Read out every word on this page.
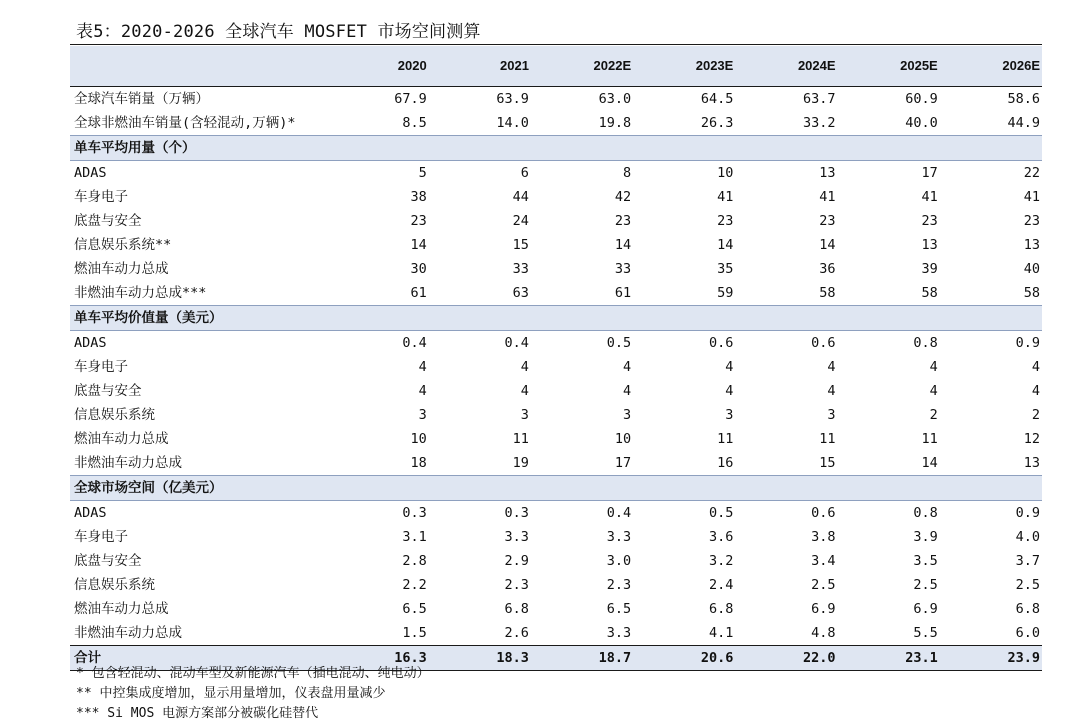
表5：2020-2026 全球汽车 MOSFET 市场空间测算
	2020	2021	2022E	2023E	2024E	2025E	2026E
全球汽车销量（万辆）	67.9	63.9	63.0	64.5	63.7	60.9	58.6
全球非燃油车销量(含轻混动,万辆)*	8.5	14.0	19.8	26.3	33.2	40.0	44.9
单车平均用量（个）							
ADAS	5	6	8	10	13	17	22
车身电子	38	44	42	41	41	41	41
底盘与安全	23	24	23	23	23	23	23
信息娱乐系统**	14	15	14	14	14	13	13
燃油车动力总成	30	33	33	35	36	39	40
非燃油车动力总成***	61	63	61	59	58	58	58
单车平均价值量（美元）							
ADAS	0.4	0.4	0.5	0.6	0.6	0.8	0.9
车身电子	4	4	4	4	4	4	4
底盘与安全	4	4	4	4	4	4	4
信息娱乐系统	3	3	3	3	3	2	2
燃油车动力总成	10	11	10	11	11	11	12
非燃油车动力总成	18	19	17	16	15	14	13
全球市场空间（亿美元）							
ADAS	0.3	0.3	0.4	0.5	0.6	0.8	0.9
车身电子	3.1	3.3	3.3	3.6	3.8	3.9	4.0
底盘与安全	2.8	2.9	3.0	3.2	3.4	3.5	3.7
信息娱乐系统	2.2	2.3	2.3	2.4	2.5	2.5	2.5
燃油车动力总成	6.5	6.8	6.5	6.8	6.9	6.9	6.8
非燃油车动力总成	1.5	2.6	3.3	4.1	4.8	5.5	6.0
合计	16.3	18.3	18.7	20.6	22.0	23.1	23.9
* 包含轻混动、混动车型及新能源汽车（插电混动、纯电动）
** 中控集成度增加，显示用量增加，仪表盘用量减少
*** Si MOS 电源方案部分被碳化硅替代
